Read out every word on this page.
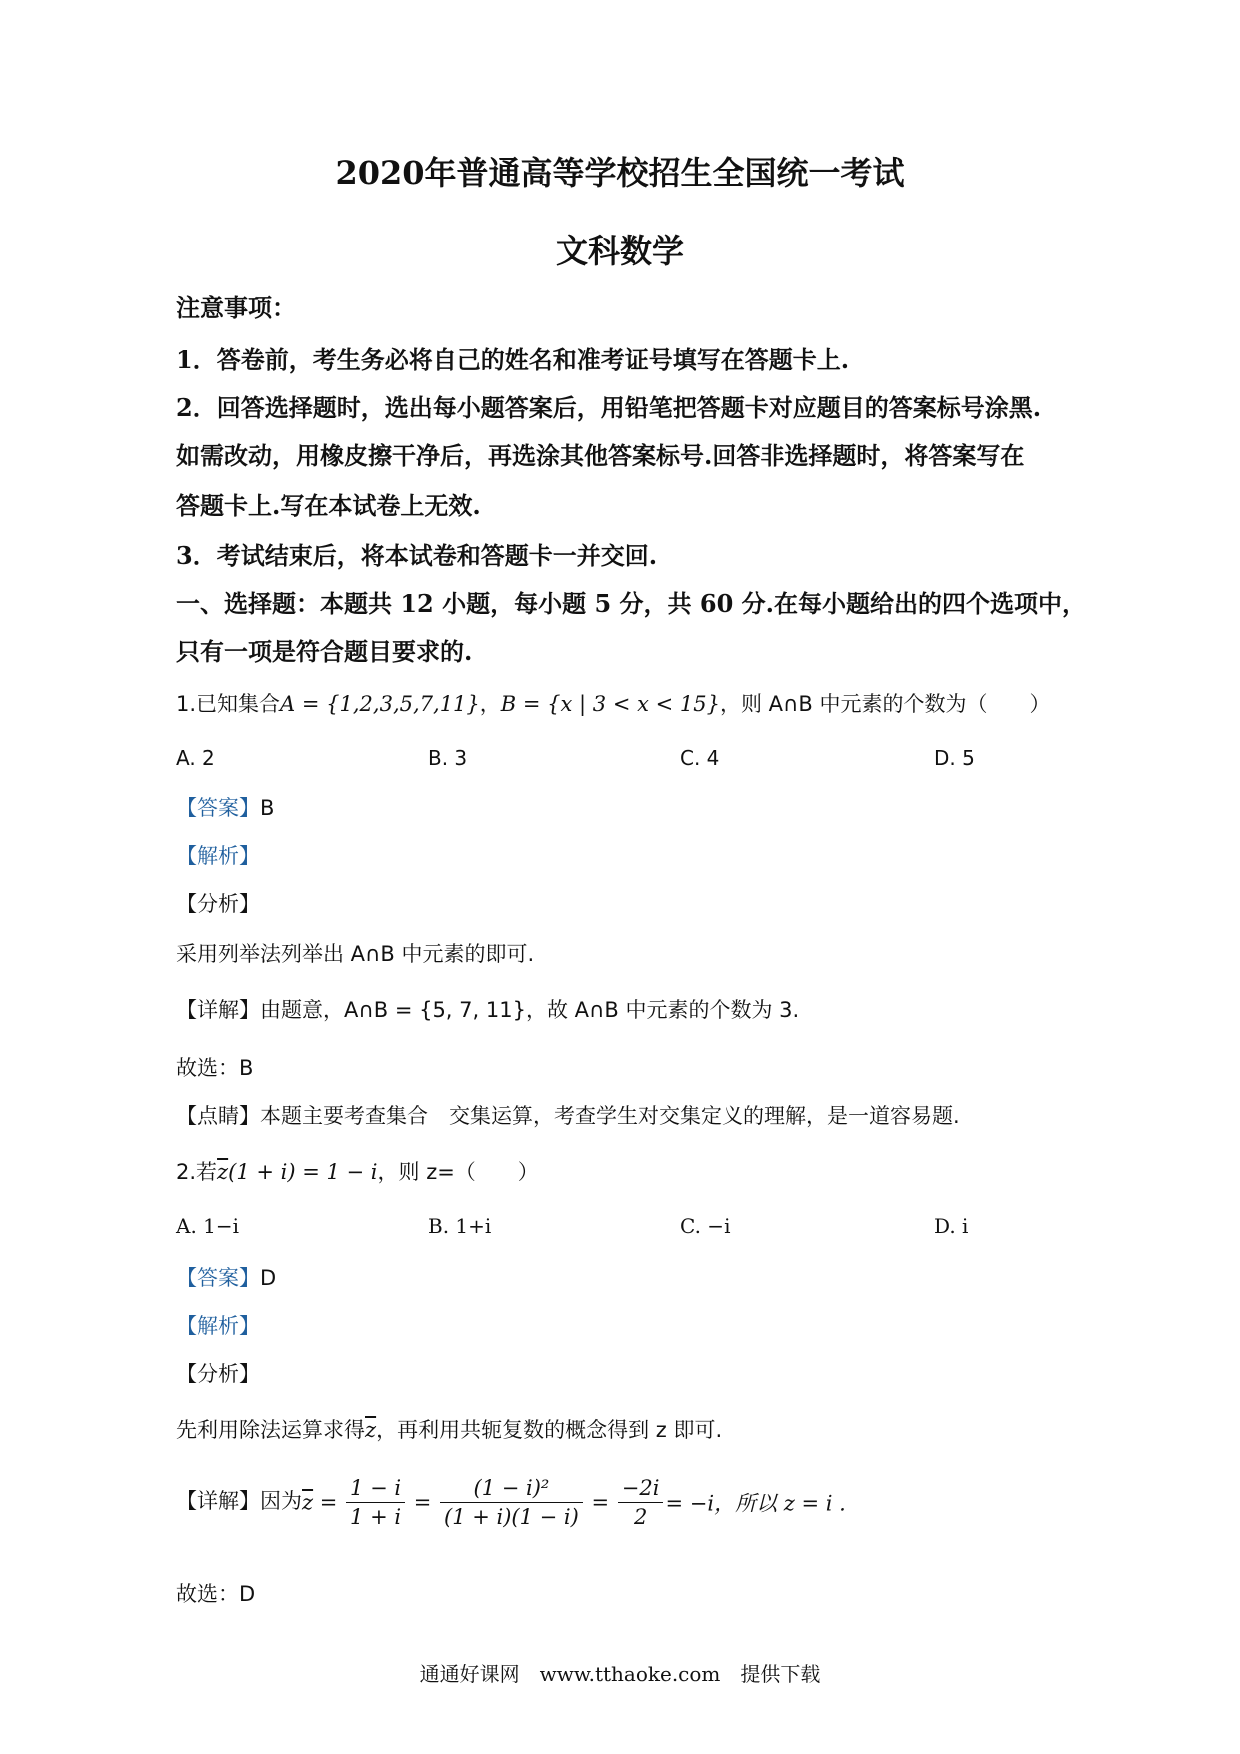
2020年普通高等学校招生全国统一考试
文科数学
注意事项：
1．答卷前，考生务必将自己的姓名和准考证号填写在答题卡上.
2．回答选择题时，选出每小题答案后，用铅笔把答题卡对应题目的答案标号涂黑.
如需改动，用橡皮擦干净后，再选涂其他答案标号.回答非选择题时，将答案写在
答题卡上.写在本试卷上无效.
3．考试结束后，将本试卷和答题卡一并交回.
一、选择题：本题共 12 小题，每小题 5 分，共 60 分.在每小题给出的四个选项中，
只有一项是符合题目要求的.
1.已知集合A = {1,2,3,5,7,11}，B = {x | 3 < x < 15}，则 A∩B 中元素的个数为（　　）
A. 2	B. 3	C. 4	D. 5
【答案】B
【解析】
【分析】
采用列举法列举出 A∩B 中元素的即可.
【详解】由题意，A∩B = {5, 7, 11}，故 A∩B 中元素的个数为 3.
故选：B
【点睛】本题主要考查集合　交集运算，考查学生对交集定义的理解，是一道容易题.
2.若$\overline{z}(1 + i) = 1 - i$，则 z=（　　）
A. 1−i	B. 1+i	C. −i	D. i
【答案】D
【解析】
【分析】
先利用除法运算求得$\overline{z}$，再利用共轭复数的概念得到 z 即可.
【详解】因为$\overline{z} = \frac{1 - i}{1 + i} = \frac{\text{(1 − i)²}}{(1 + i)(1 - i)} = \frac{-2i}{2} = -i$，所以 z = i .
故选：D
通通好课网　www.tthaoke.com　提供下载
